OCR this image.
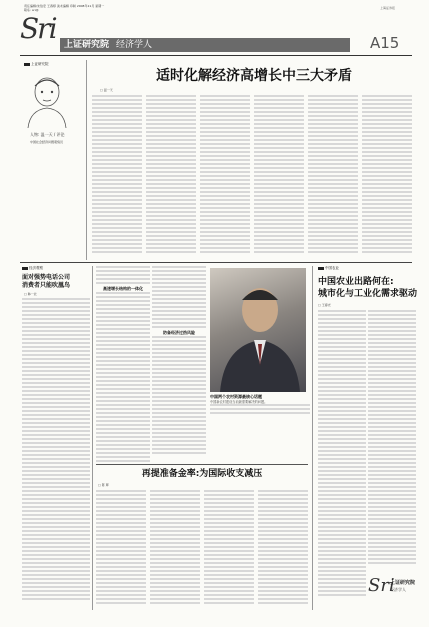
责任编辑/朱伯宏 王春婷 美术编辑 印制 2008年11月 星期一
联系: sri@	上海证券报
Sri 上证研究院 经济学人	A15
上证研究院
人物: 温一天 / 评论
中国社会经济问题观察员
适时化解经济高增长中三大矛盾
□ 温一天
经济观察
面对强势电话公司
消费者只能吹凰鸟
□ 韩一北
高速增长结构的一体化
防备经济过热风险
中国两个农村资源最核心话题
中国新农村建设当前最需要解决的问题。
中国农业
中国农业出路何在:
城市化与工业化需求驱动
□ 王春光
再提准备金率:为国际收支减压
□ 陈 辉
Sri
上证研究院
经济学人
